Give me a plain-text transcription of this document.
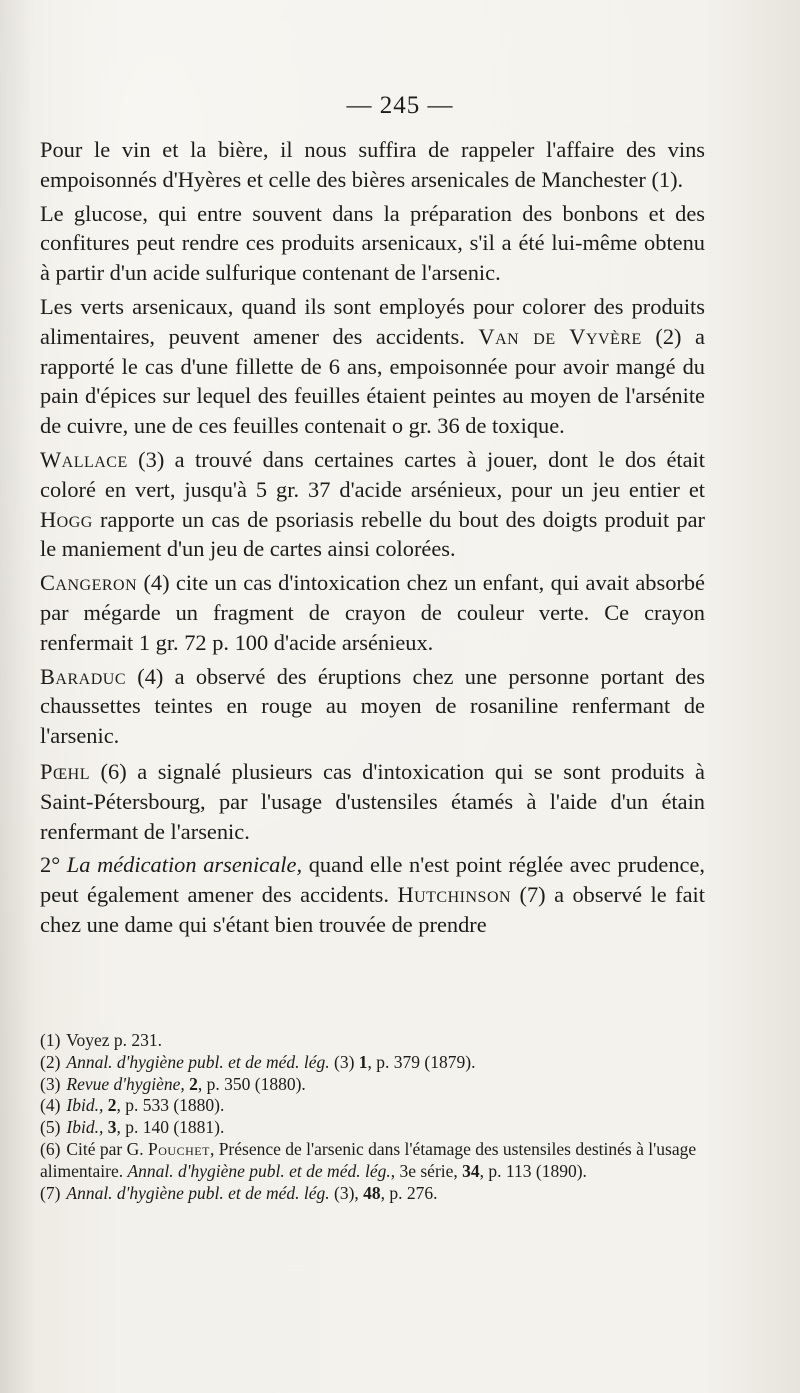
— 245 —

Pour le vin et la bière, il nous suffira de rappeler l'affaire des vins empoisonnés d'Hyères et celle des bières arsenicales de Manchester (1).

Le glucose, qui entre souvent dans la préparation des bonbons et des confitures peut rendre ces produits arsenicaux, s'il a été lui-même obtenu à partir d'un acide sulfurique contenant de l'arsenic.

Les verts arsenicaux, quand ils sont employés pour colorer des produits alimentaires, peuvent amener des accidents. Van de Vyvère (2) a rapporté le cas d'une fillette de 6 ans, empoisonnée pour avoir mangé du pain d'épices sur lequel des feuilles étaient peintes au moyen de l'arsénite de cuivre, une de ces feuilles contenait o gr. 36 de toxique.

Wallace (3) a trouvé dans certaines cartes à jouer, dont le dos était coloré en vert, jusqu'à 5 gr. 37 d'acide arsénieux, pour un jeu entier et Hogg rapporte un cas de psoriasis rebelle du bout des doigts produit par le maniement d'un jeu de cartes ainsi colorées.

Cangeron (4) cite un cas d'intoxication chez un enfant, qui avait absorbé par mégarde un fragment de crayon de couleur verte. Ce crayon renfermait 1 gr. 72 p. 100 d'acide arsénieux.

Baraduc (4) a observé des éruptions chez une personne portant des chaussettes teintes en rouge au moyen de rosaniline renfermant de l'arsenic.

Pœhl (6) a signalé plusieurs cas d'intoxication qui se sont produits à Saint-Pétersbourg, par l'usage d'ustensiles étamés à l'aide d'un étain renfermant de l'arsenic.

2° La médication arsenicale, quand elle n'est point réglée avec prudence, peut également amener des accidents. Hutchinson (7) a observé le fait chez une dame qui s'étant bien trouvée de prendre

(1) Voyez p. 231.

(2) Annal. d'hygiène publ. et de méd. lég. (3) 1, p. 379 (1879).

(3) Revue d'hygiène, 2, p. 350 (1880).

(4) Ibid., 2, p. 533 (1880).

(5) Ibid., 3, p. 140 (1881).

(6) Cité par G. Pouchet, Présence de l'arsenic dans l'étamage des ustensiles destinés à l'usage alimentaire. Annal. d'hygiène publ. et de méd. lég., 3e série, 34, p. 113 (1890).

(7) Annal. d'hygiène publ. et de méd. lég. (3), 48, p. 276.
